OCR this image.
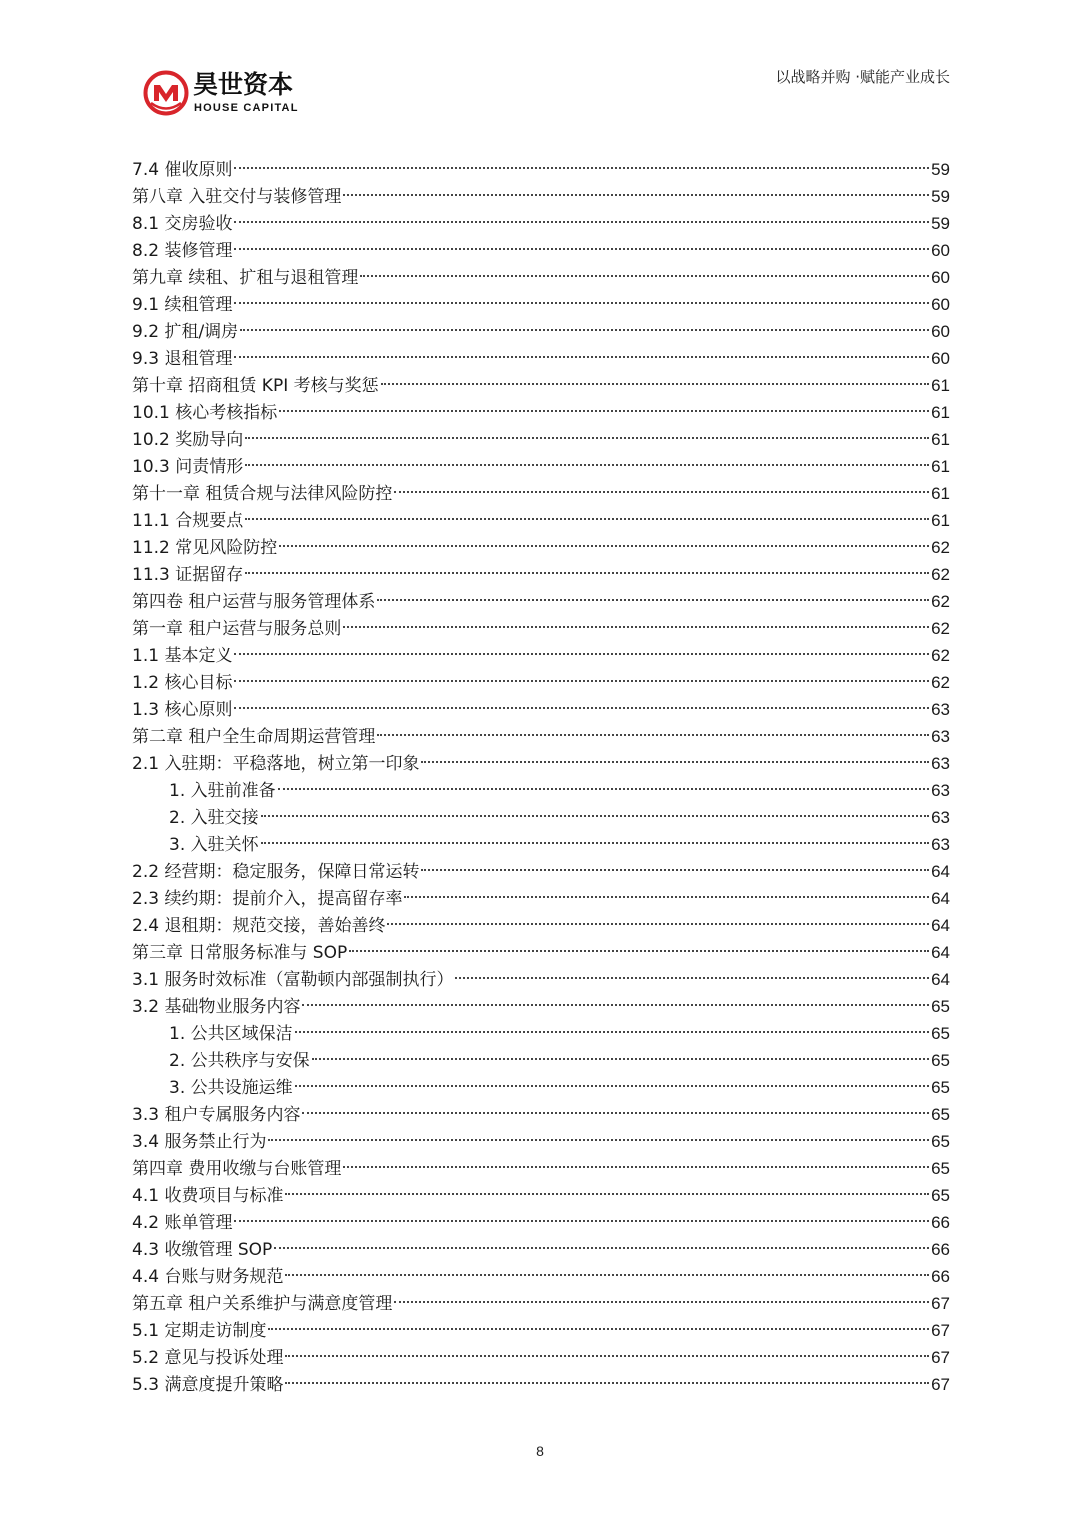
昊世资本
HOUSE CAPITAL
以战略并购 ·赋能产业成长
7.4 催收原则	59
第八章 入驻交付与装修管理	59
8.1 交房验收	59
8.2 装修管理	60
第九章 续租、扩租与退租管理	60
9.1 续租管理	60
9.2 扩租/调房	60
9.3 退租管理	60
第十章 招商租赁 KPI 考核与奖惩	61
10.1 核心考核指标	61
10.2 奖励导向	61
10.3 问责情形	61
第十一章 租赁合规与法律风险防控	61
11.1 合规要点	61
11.2 常见风险防控	62
11.3 证据留存	62
第四卷 租户运营与服务管理体系	62
第一章 租户运营与服务总则	62
1.1 基本定义	62
1.2 核心目标	62
1.3 核心原则	63
第二章 租户全生命周期运营管理	63
2.1 入驻期：平稳落地，树立第一印象	63
1. 入驻前准备	63
2. 入驻交接	63
3. 入驻关怀	63
2.2 经营期：稳定服务，保障日常运转	64
2.3 续约期：提前介入，提高留存率	64
2.4 退租期：规范交接，善始善终	64
第三章 日常服务标准与 SOP	64
3.1 服务时效标准（富勒顿内部强制执行）	64
3.2 基础物业服务内容	65
1. 公共区域保洁	65
2. 公共秩序与安保	65
3. 公共设施运维	65
3.3 租户专属服务内容	65
3.4 服务禁止行为	65
第四章 费用收缴与台账管理	65
4.1 收费项目与标准	65
4.2 账单管理	66
4.3 收缴管理 SOP	66
4.4 台账与财务规范	66
第五章 租户关系维护与满意度管理	67
5.1 定期走访制度	67
5.2 意见与投诉处理	67
5.3 满意度提升策略	67
8
